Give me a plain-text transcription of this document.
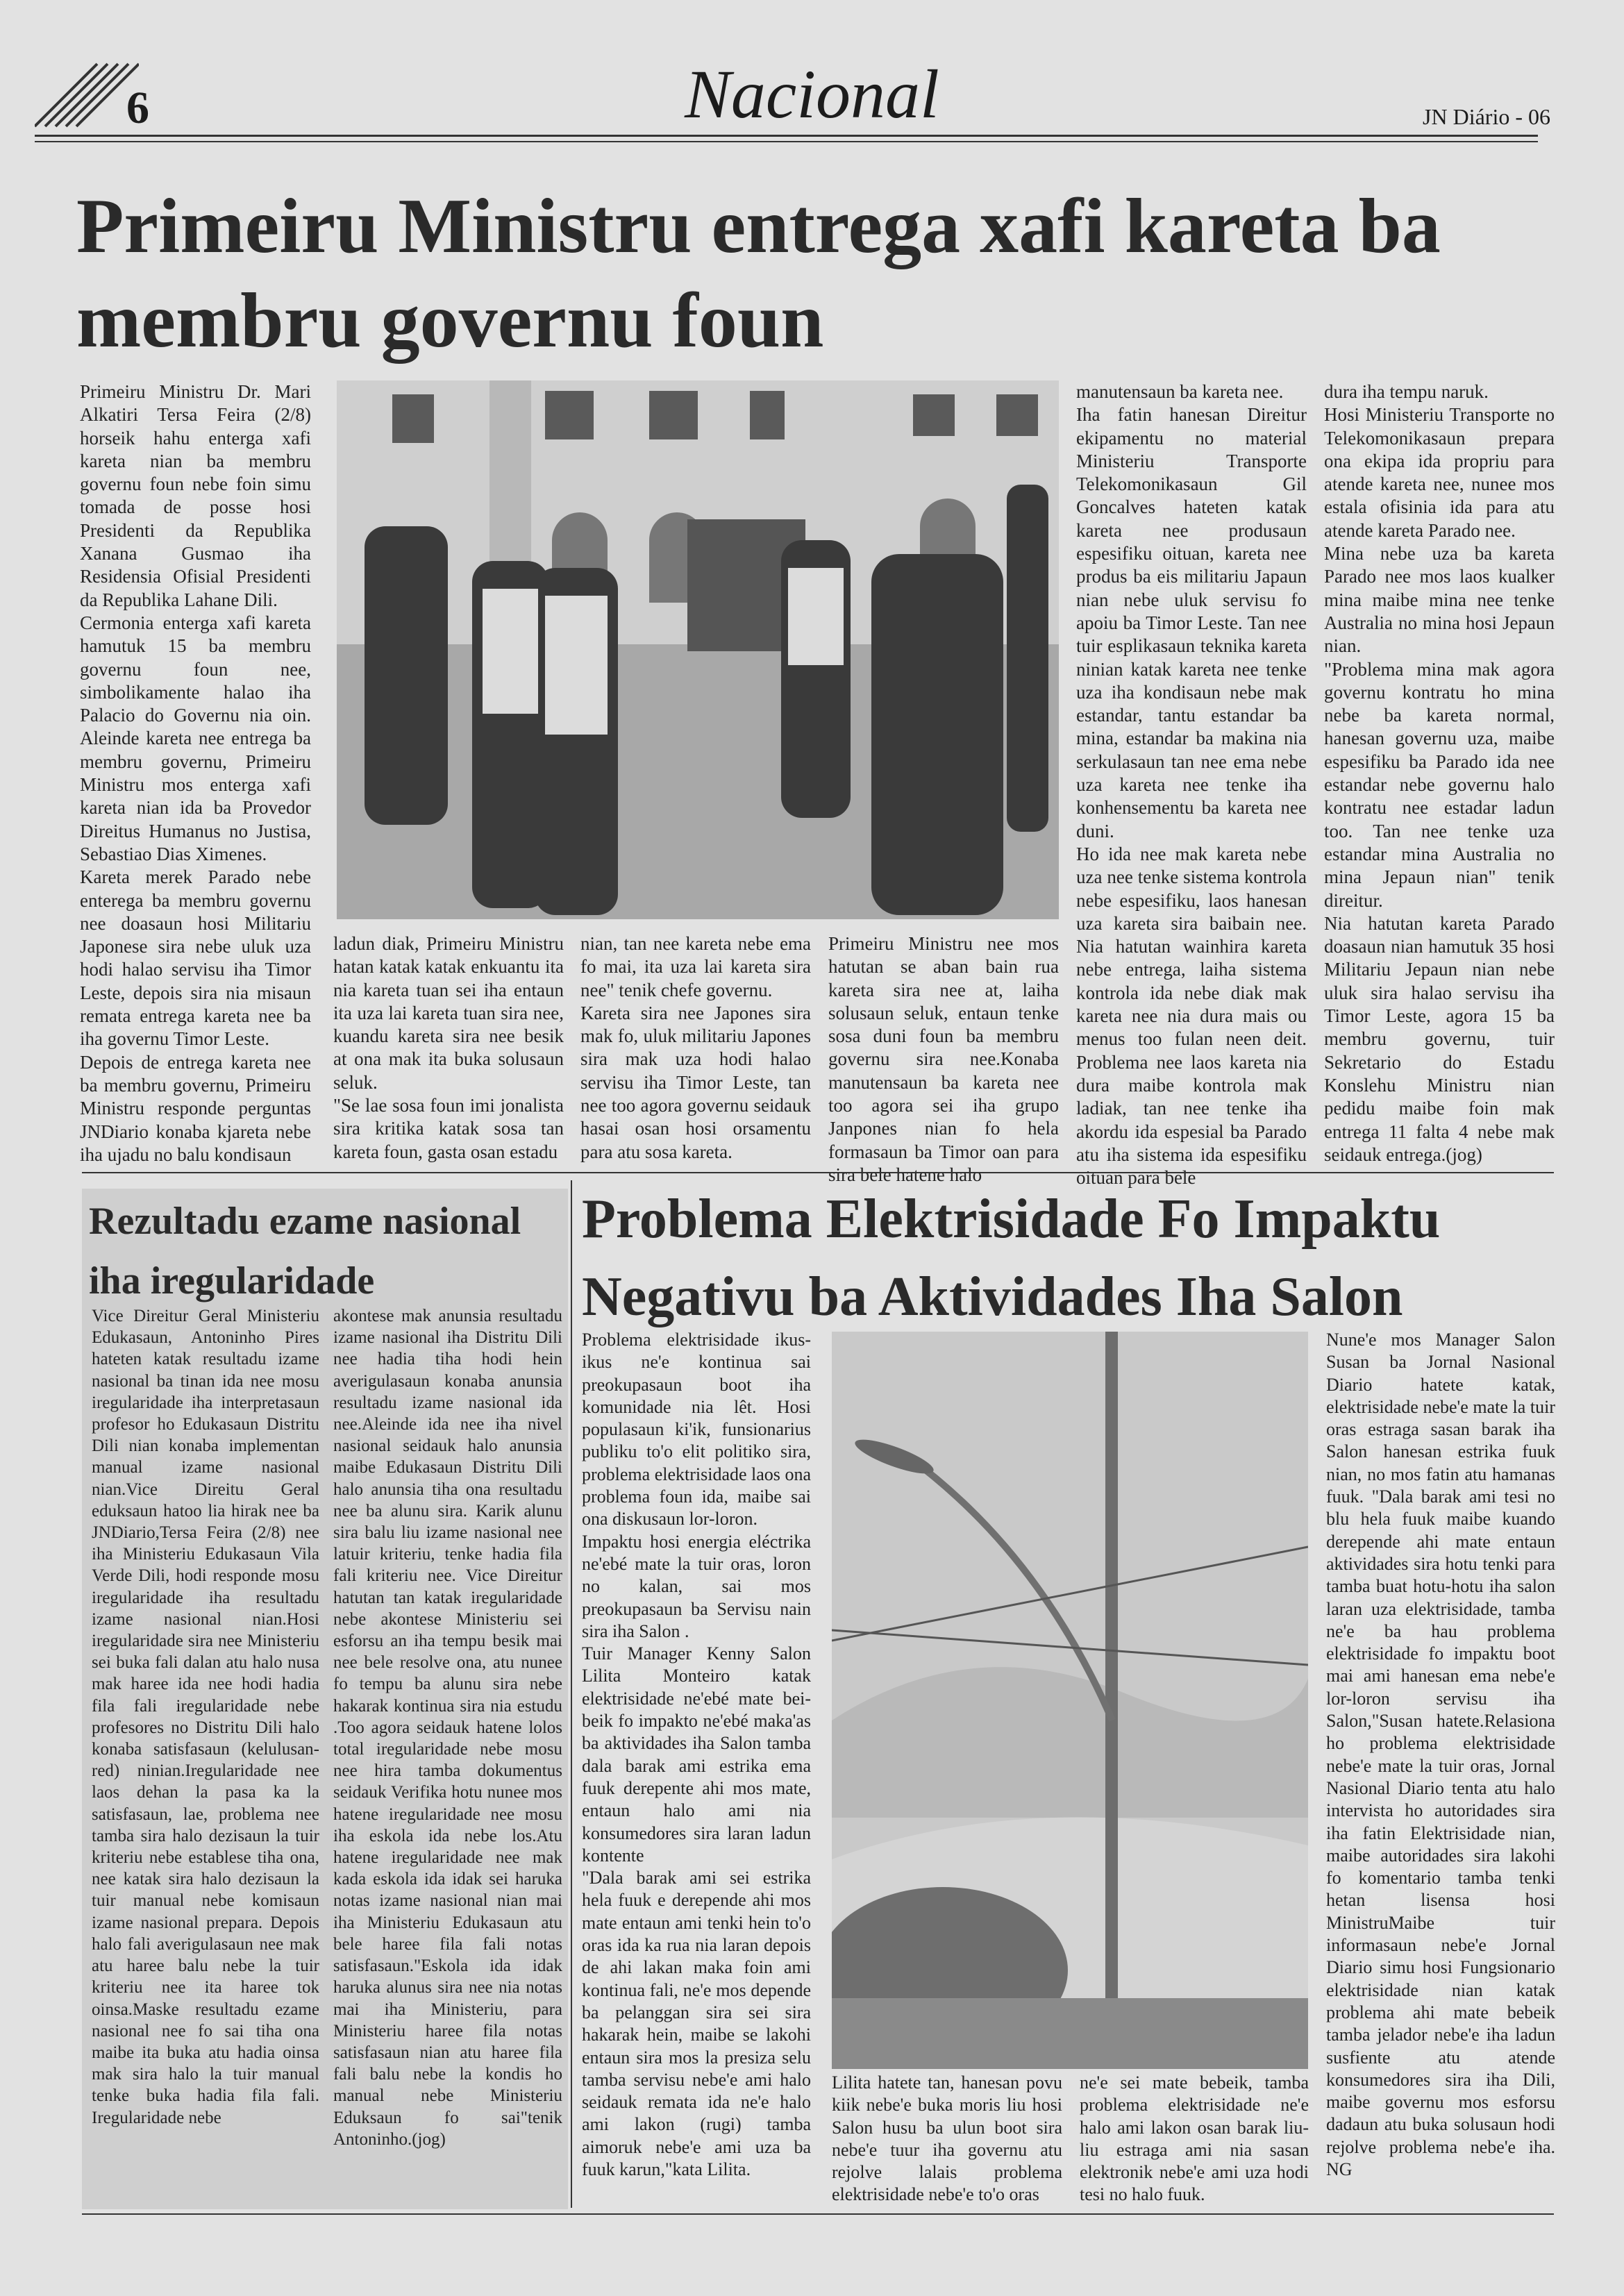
6	Nacional	JN Diário - 06
Primeiru Ministru entrega xafi kareta ba membru governu foun

Primeiru Ministru Dr. Mari Alkatiri Tersa Feira (2/8) horseik hahu enterga xafi kareta nian ba membru governu foun nebe foin simu tomada de posse hosi Presidenti da Republika Xanana Gusmao iha Residensia Ofisial Presidenti da Republika Lahane Dili.
Cermonia enterga xafi kareta hamutuk 15 ba membru governu foun nee, simbolikamente halao iha Palacio do Governu nia oin. Aleinde kareta nee entrega ba membru governu, Primeiru Ministru mos enterga xafi kareta nian ida ba Provedor Direitus Humanus no Justisa, Sebastiao Dias Ximenes.
Kareta merek Parado nebe enterega ba membru governu nee doasaun hosi Militariu Japonese sira nebe uluk uza hodi halao servisu iha Timor Leste, depois sira nia misaun remata entrega kareta nee ba iha governu Timor Leste.
Depois de entrega kareta nee ba membru governu, Primeiru Ministru responde perguntas JNDiario konaba kjareta nebe iha ujadu no balu kondisaun

ladun diak, Primeiru Ministru hatan katak katak enkuantu ita nia kareta tuan sei iha entaun ita uza lai kareta tuan sira nee, kuandu kareta sira nee besik at ona mak ita buka solusaun seluk.
"Se lae sosa foun imi jonalista sira kritika katak sosa tan kareta foun, gasta osan estadu

nian, tan nee kareta nebe ema fo mai, ita uza lai kareta sira nee" tenik chefe governu.
Kareta sira nee Japones sira mak fo, uluk militariu Japones sira mak uza hodi halao servisu iha Timor Leste, tan nee too agora governu seidauk hasai osan hosi orsamentu para atu sosa kareta.

Primeiru Ministru nee mos hatutan se aban bain rua kareta sira nee at, laiha solusaun seluk, entaun tenke sosa duni foun ba membru governu sira nee.Konaba manutensaun ba kareta nee too agora sei iha grupo Janpones nian fo hela formasaun ba Timor oan para sira bele hatene halo

manutensaun ba kareta nee.
Iha fatin hanesan Direitur ekipamentu no material Ministeriu Transporte Telekomonikasaun Gil Goncalves hateten katak kareta nee produsaun espesifiku oituan, kareta nee produs ba eis militariu Japaun nian nebe uluk servisu fo apoiu ba Timor Leste. Tan nee tuir esplikasaun teknika kareta ninian katak kareta nee tenke uza iha kondisaun nebe mak estandar, tantu estandar ba mina, estandar ba makina nia serkulasaun tan nee ema nebe uza kareta nee tenke iha konhensementu ba kareta nee duni.
Ho ida nee mak kareta nebe uza nee tenke sistema kontrola nebe espesifiku, laos hanesan uza kareta sira baibain nee. Nia hatutan wainhira kareta nebe entrega, laiha sistema kontrola ida nebe diak mak kareta nee nia dura mais ou menus too fulan neen deit. Problema nee laos kareta nia dura maibe kontrola mak ladiak, tan nee tenke iha akordu ida espesial ba Parado atu iha sistema ida espesifiku oituan para bele

dura iha tempu naruk.
Hosi Ministeriu Transporte no Telekomonikasaun prepara ona ekipa ida propriu para atende kareta nee, nunee mos estala ofisinia ida para atu atende kareta Parado nee.
Mina nebe uza ba kareta Parado nee mos laos kualker mina maibe mina nee tenke Australia no mina hosi Jepaun nian.
"Problema mina mak agora governu kontratu ho mina nebe ba kareta normal, hanesan governu uza, maibe espesifiku ba Parado ida nee estandar nebe governu halo kontratu nee estadar ladun too. Tan nee tenke uza estandar mina Australia no mina Jepaun nian" tenik direitur.
Nia hatutan kareta Parado doasaun nian hamutuk 35 hosi Militariu Jepaun nian nebe uluk sira halao servisu iha Timor Leste, agora 15 ba membru governu, tuir Sekretario do Estadu Konslehu Ministru nian pedidu maibe foin mak entrega 11 falta 4 nebe mak seidauk entrega.(jog)

Rezultadu ezame nasional iha iregularidade

Vice Direitur Geral Ministeriu Edukasaun, Antoninho Pires hateten katak resultadu izame nasional ba tinan ida nee mosu iregularidade iha interpretasaun profesor ho Edukasaun Distritu Dili nian konaba implementan manual izame nasional nian.Vice Direitu Geral eduksaun hatoo lia hirak nee ba JNDiario,Tersa Feira (2/8) nee iha Ministeriu Edukasaun Vila Verde Dili, hodi responde mosu iregularidade iha resultadu izame nasional nian.Hosi iregularidade sira nee Ministeriu sei buka fali dalan atu halo nusa mak haree ida nee hodi hadia fila fali iregularidade nebe profesores no Distritu Dili halo konaba satisfasaun (kelulusan-red) ninian.Iregularidade nee laos dehan la pasa ka la satisfasaun, lae, problema nee tamba sira halo dezisaun la tuir kriteriu nebe establese tiha ona, nee katak sira halo dezisaun la tuir manual nebe komisaun izame nasional prepara. Depois halo fali averigulasaun nee mak atu haree balu nebe la tuir kriteriu nee ita haree tok oinsa.Maske resultadu ezame nasional nee fo sai tiha ona maibe ita buka atu hadia oinsa mak sira halo la tuir manual tenke buka hadia fila fali. Iregularidade nebe

akontese mak anunsia resultadu izame nasional iha Distritu Dili nee hadia tiha hodi hein averigulasaun konaba anunsia resultadu izame nasional ida nee.Aleinde ida nee iha nivel nasional seidauk halo anunsia maibe Edukasaun Distritu Dili halo anunsia tiha ona resultadu nee ba alunu sira. Karik alunu sira balu liu izame nasional nee latuir kriteriu, tenke hadia fila fali kriteriu nee. Vice Direitur hatutan tan katak iregularidade nebe akontese Ministeriu sei esforsu an iha tempu besik mai nee bele resolve ona, atu nunee fo tempu ba alunu sira nebe hakarak kontinua sira nia estudu .Too agora seidauk hatene lolos total iregularidade nebe mosu nee hira tamba dokumentus seidauk Verifika hotu nunee mos hatene iregularidade nee mosu iha eskola ida nebe los.Atu hatene iregularidade nee mak kada eskola ida idak sei haruka notas izame nasional nian mai iha Ministeriu Edukasaun atu bele haree fila fali notas satisfasaun."Eskola ida idak haruka alunus sira nee nia notas mai iha Ministeriu, para Ministeriu haree fila notas satisfasaun nian atu haree fila fali balu nebe la kondis ho manual nebe Ministeriu Eduksaun fo sai"tenik Antoninho.(jog)

Problema Elektrisidade Fo Impaktu Negativu ba Aktividades Iha Salon

Problema elektrisidade ikus-ikus ne'e kontinua sai preokupasaun boot iha komunidade nia lêt. Hosi populasaun ki'ik, funsionarius publiku to'o elit politiko sira, problema elektrisidade laos ona problema foun ida, maibe sai ona diskusaun lor-loron.
Impaktu hosi energia eléctrika ne'ebé mate la tuir oras, loron no kalan, sai mos preokupasaun ba Servisu nain sira iha Salon .
Tuir Manager Kenny Salon Lilita Monteiro katak elektrisidade ne'ebé mate bei-beik fo impakto ne'ebé maka'as ba aktividades iha Salon tamba dala barak ami estrika ema fuuk derepente ahi mos mate, entaun halo ami nia konsumedores sira laran ladun kontente
"Dala barak ami sei estrika hela fuuk e derepende ahi mos mate entaun ami tenki hein to'o oras ida ka rua nia laran depois de ahi lakan maka foin ami kontinua fali, ne'e mos depende ba pelanggan sira sei sira hakarak hein, maibe se lakohi entaun sira mos la presiza selu tamba servisu nebe'e ami halo seidauk remata ida ne'e halo ami lakon (rugi) tamba aimoruk nebe'e ami uza ba fuuk karun,"kata Lilita.

Lilita hatete tan, hanesan povu kiik nebe'e buka moris liu hosi Salon husu ba ulun boot sira nebe'e tuur iha governu atu rejolve lalais problema elektrisidade nebe'e to'o oras

ne'e sei mate bebeik, tamba problema elektrisidade ne'e halo ami lakon osan barak liu-liu estraga ami nia sasan elektronik nebe'e ami uza hodi tesi no halo fuuk.

Nune'e mos Manager Salon Susan ba Jornal Nasional Diario hatete katak, elektrisidade nebe'e mate la tuir oras estraga sasan barak iha Salon hanesan estrika fuuk nian, no mos fatin atu hamanas fuuk. "Dala barak ami tesi no blu hela fuuk maibe kuando derepende ahi mate entaun aktividades sira hotu tenki para tamba buat hotu-hotu iha salon laran uza elektrisidade, tamba ne'e ba hau problema elektrisidade fo impaktu boot mai ami hanesan ema nebe'e lor-loron servisu iha Salon,"Susan hatete.Relasiona ho problema elektrisidade nebe'e mate la tuir oras, Jornal Nasional Diario tenta atu halo intervista ho autoridades sira iha fatin Elektrisidade nian, maibe autoridades sira lakohi fo komentario tamba tenki hetan lisensa hosi MinistruMaibe tuir informasaun nebe'e Jornal Diario simu hosi Fungsionario elektrisidade nian katak problema ahi mate bebeik tamba jelador nebe'e iha ladun susfiente atu atende konsumedores sira iha Dili, maibe governu mos esforsu dadaun atu buka solusaun hodi rejolve problema nebe'e iha. NG
